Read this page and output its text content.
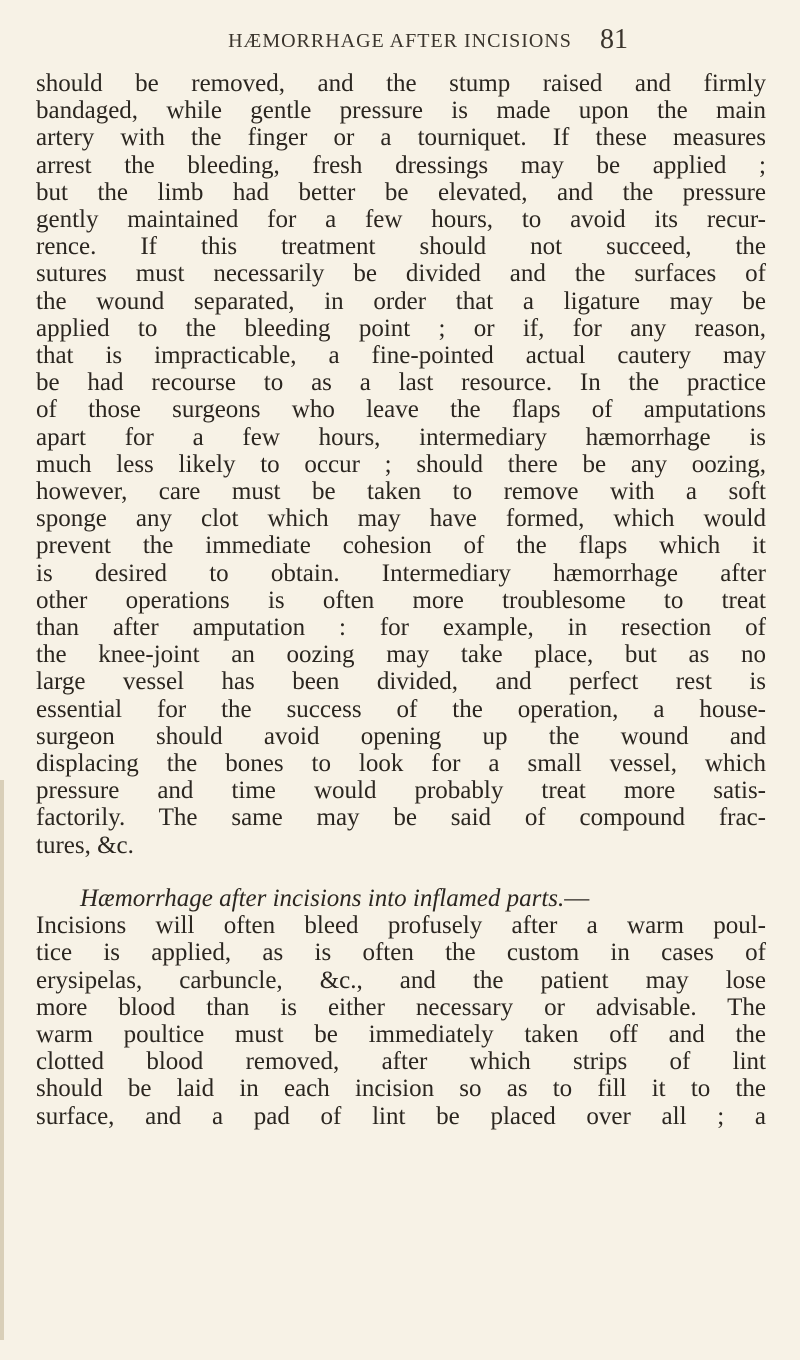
HÆMORRHAGE AFTER INCISIONS	81
should be removed, and the stump raised and firmly
bandaged, while gentle pressure is made upon the main
artery with the finger or a tourniquet. If these measures
arrest the bleeding, fresh dressings may be applied ;
but the limb had better be elevated, and the pressure
gently maintained for a few hours, to avoid its recur-
rence. If this treatment should not succeed, the
sutures must necessarily be divided and the surfaces of
the wound separated, in order that a ligature may be
applied to the bleeding point ; or if, for any reason,
that is impracticable, a fine-pointed actual cautery may
be had recourse to as a last resource. In the practice
of those surgeons who leave the flaps of amputations
apart for a few hours, intermediary hæmorrhage is
much less likely to occur ; should there be any oozing,
however, care must be taken to remove with a soft
sponge any clot which may have formed, which would
prevent the immediate cohesion of the flaps which it
is desired to obtain. Intermediary hæmorrhage after
other operations is often more troublesome to treat
than after amputation : for example, in resection of
the knee-joint an oozing may take place, but as no
large vessel has been divided, and perfect rest is
essential for the success of the operation, a house-
surgeon should avoid opening up the wound and
displacing the bones to look for a small vessel, which
pressure and time would probably treat more satis-
factorily. The same may be said of compound frac-
tures, &c.
Hæmorrhage after incisions into inflamed parts.—
Incisions will often bleed profusely after a warm poul-
tice is applied, as is often the custom in cases of
erysipelas, carbuncle, &c., and the patient may lose
more blood than is either necessary or advisable. The
warm poultice must be immediately taken off and the
clotted blood removed, after which strips of lint
should be laid in each incision so as to fill it to the
surface, and a pad of lint be placed over all ; a
